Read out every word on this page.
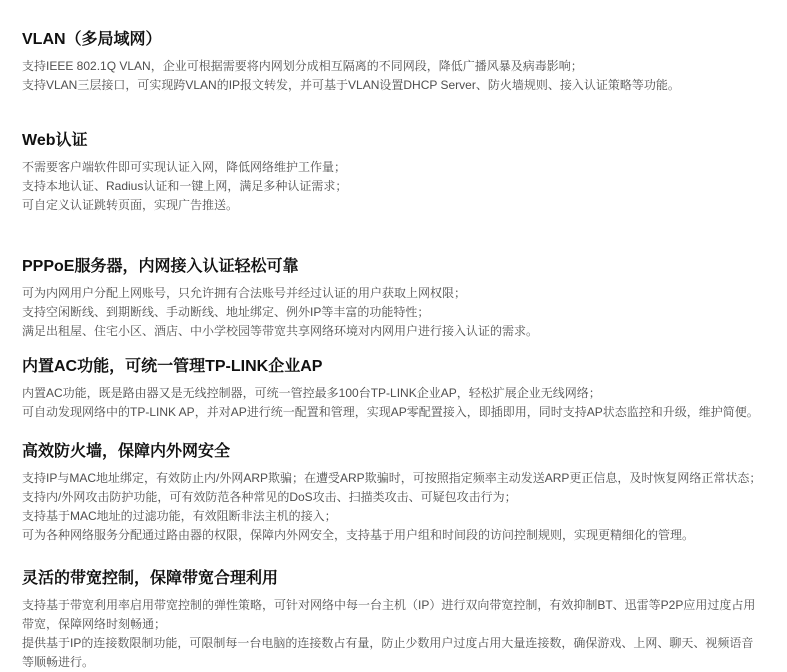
VLAN（多局域网）
支持IEEE 802.1Q VLAN，企业可根据需要将内网划分成相互隔离的不同网段，降低广播风暴及病毒影响；
支持VLAN三层接口，可实现跨VLAN的IP报文转发，并可基于VLAN设置DHCP Server、防火墙规则、接入认证策略等功能。
Web认证
不需要客户端软件即可实现认证入网，降低网络维护工作量；
支持本地认证、Radius认证和一键上网，满足多种认证需求；
可自定义认证跳转页面，实现广告推送。
PPPoE服务器，内网接入认证轻松可靠
可为内网用户分配上网账号，只允许拥有合法账号并经过认证的用户获取上网权限；
支持空闲断线、到期断线、手动断线、地址绑定、例外IP等丰富的功能特性；
满足出租屋、住宅小区、酒店、中小学校园等带宽共享网络环境对内网用户进行接入认证的需求。
内置AC功能，可统一管理TP-LINK企业AP
内置AC功能，既是路由器又是无线控制器，可统一管控最多100台TP-LINK企业AP，轻松扩展企业无线网络；
可自动发现网络中的TP-LINK AP，并对AP进行统一配置和管理，实现AP零配置接入，即插即用，同时支持AP状态监控和升级，维护简便。
高效防火墙，保障内外网安全
支持IP与MAC地址绑定，有效防止内/外网ARP欺骗；在遭受ARP欺骗时，可按照指定频率主动发送ARP更正信息，及时恢复网络正常状态；
支持内/外网攻击防护功能，可有效防范各种常见的DoS攻击、扫描类攻击、可疑包攻击行为；
支持基于MAC地址的过滤功能，有效阻断非法主机的接入；
可为各种网络服务分配通过路由器的权限，保障内外网安全，支持基于用户组和时间段的访问控制规则，实现更精细化的管理。
灵活的带宽控制，保障带宽合理利用
支持基于带宽利用率启用带宽控制的弹性策略，可针对网络中每一台主机（IP）进行双向带宽控制，有效抑制BT、迅雷等P2P应用过度占用带宽，保障网络时刻畅通；
提供基于IP的连接数限制功能，可限制每一台电脑的连接数占有量，防止少数用户过度占用大量连接数，确保游戏、上网、聊天、视频语音等顺畅进行。
